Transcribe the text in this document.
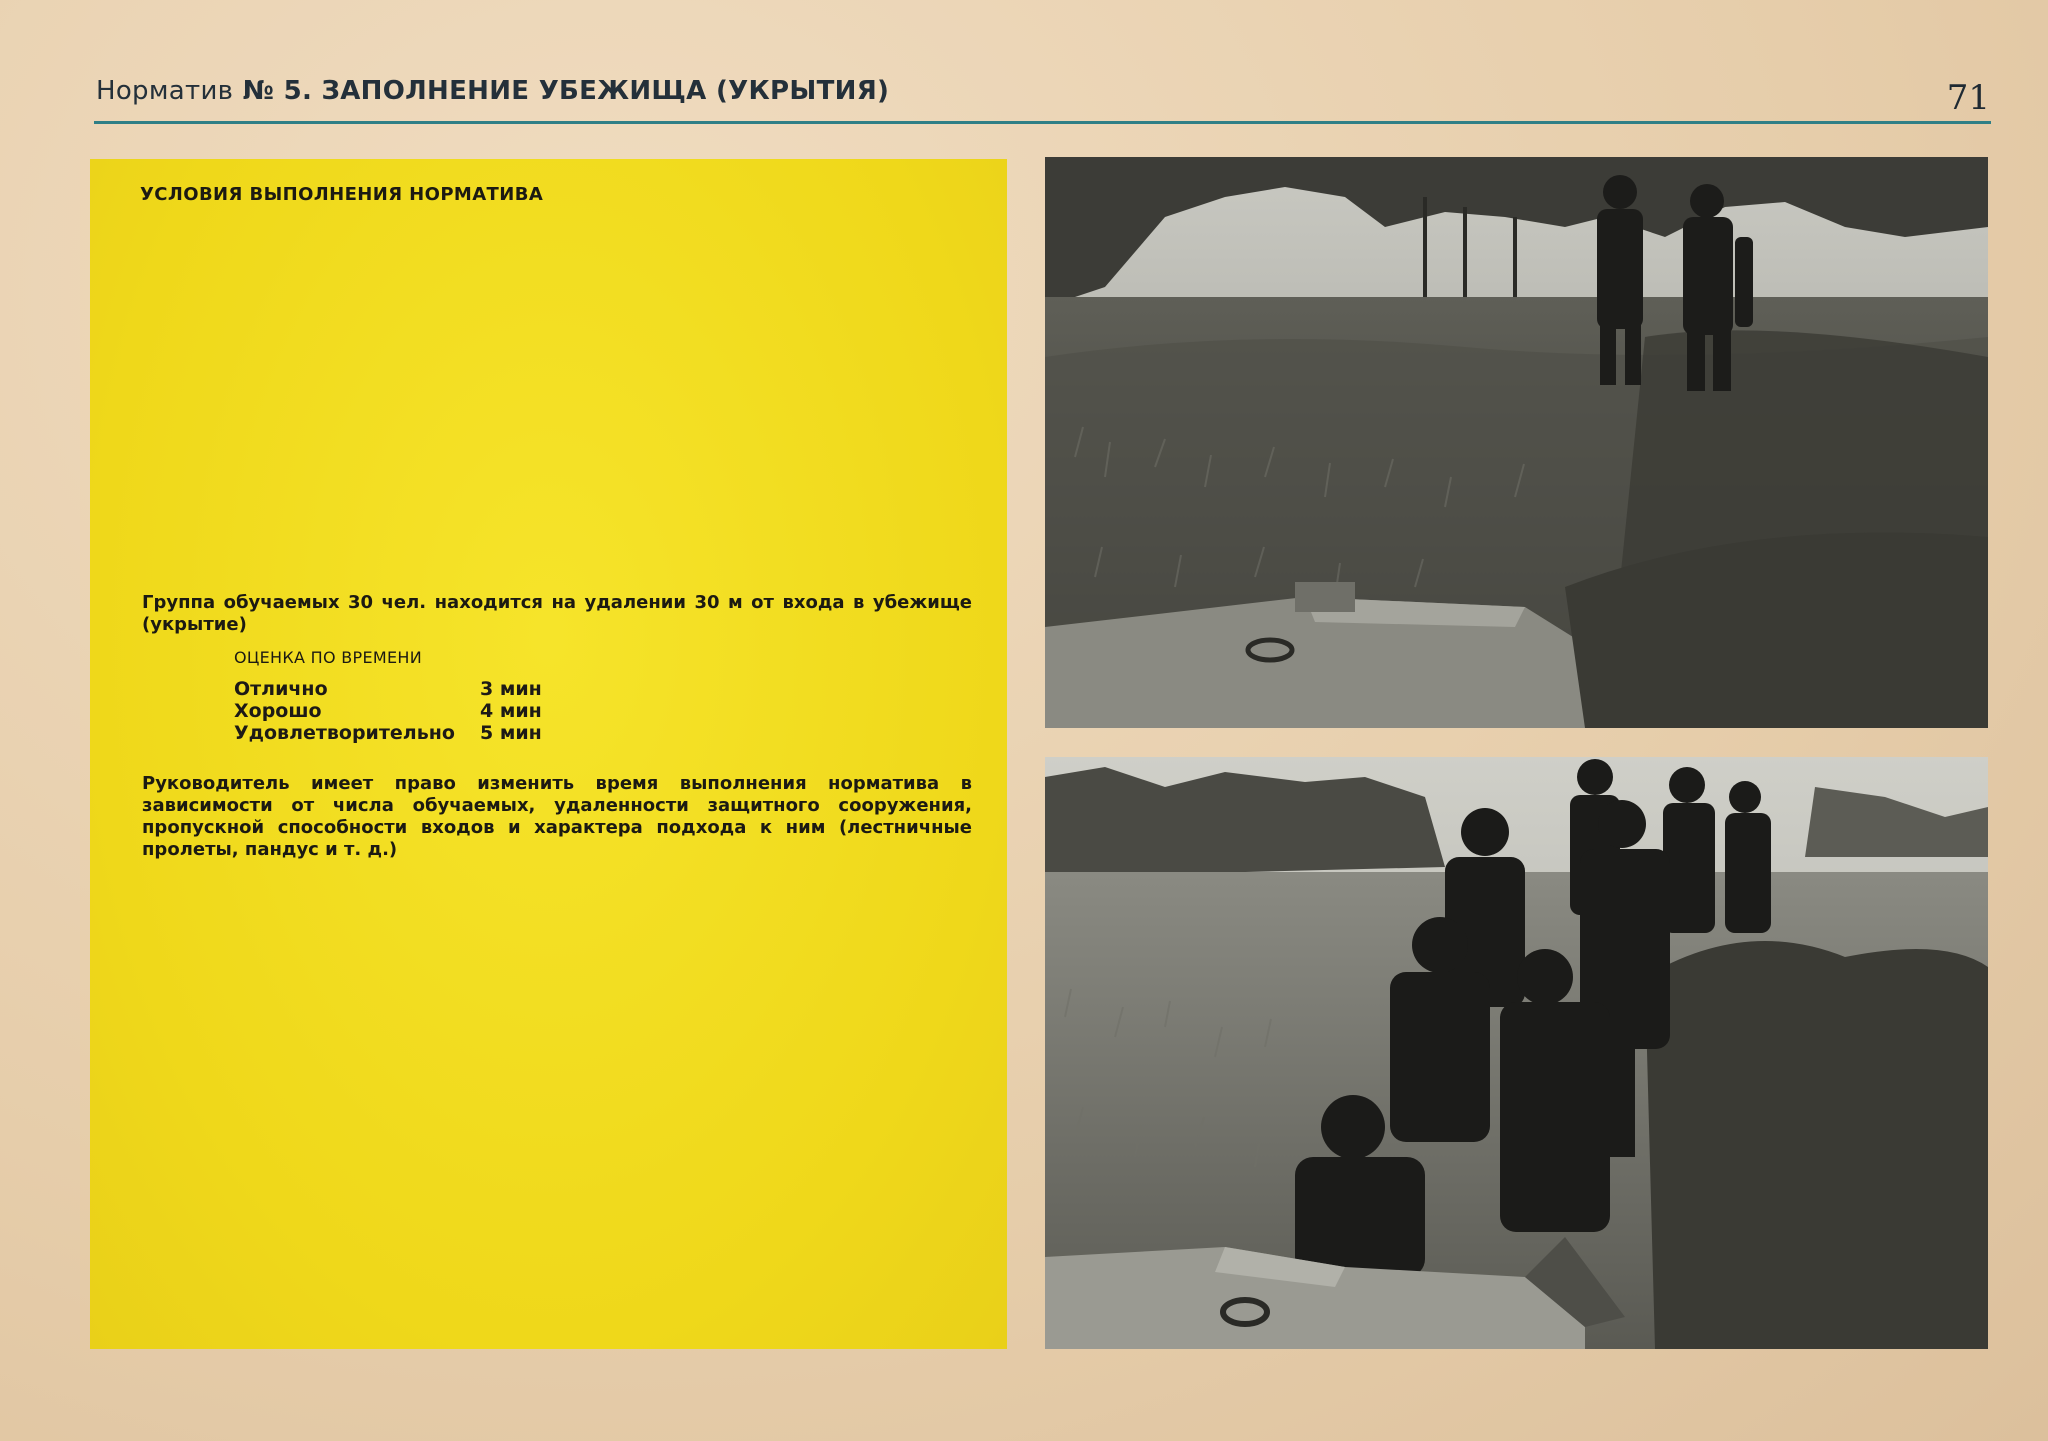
Норматив № 5. ЗАПОЛНЕНИЕ УБЕЖИЩА (УКРЫТИЯ)	71
УСЛОВИЯ ВЫПОЛНЕНИЯ НОРМАТИВА
Группа обучаемых 30 чел. находится на удалении 30 м от входа в убежище (укрытие)
ОЦЕНКА ПО ВРЕМЕНИ
Отлично	3 мин
Хорошо	4 мин
Удовлетворительно	5 мин
Руководитель имеет право изменить время выполнения норматива в зависимости от числа обучаемых, удаленности защитного сооружения, пропускной способности входов и характера подхода к ним (лестничные пролеты, пандус и т. д.)
